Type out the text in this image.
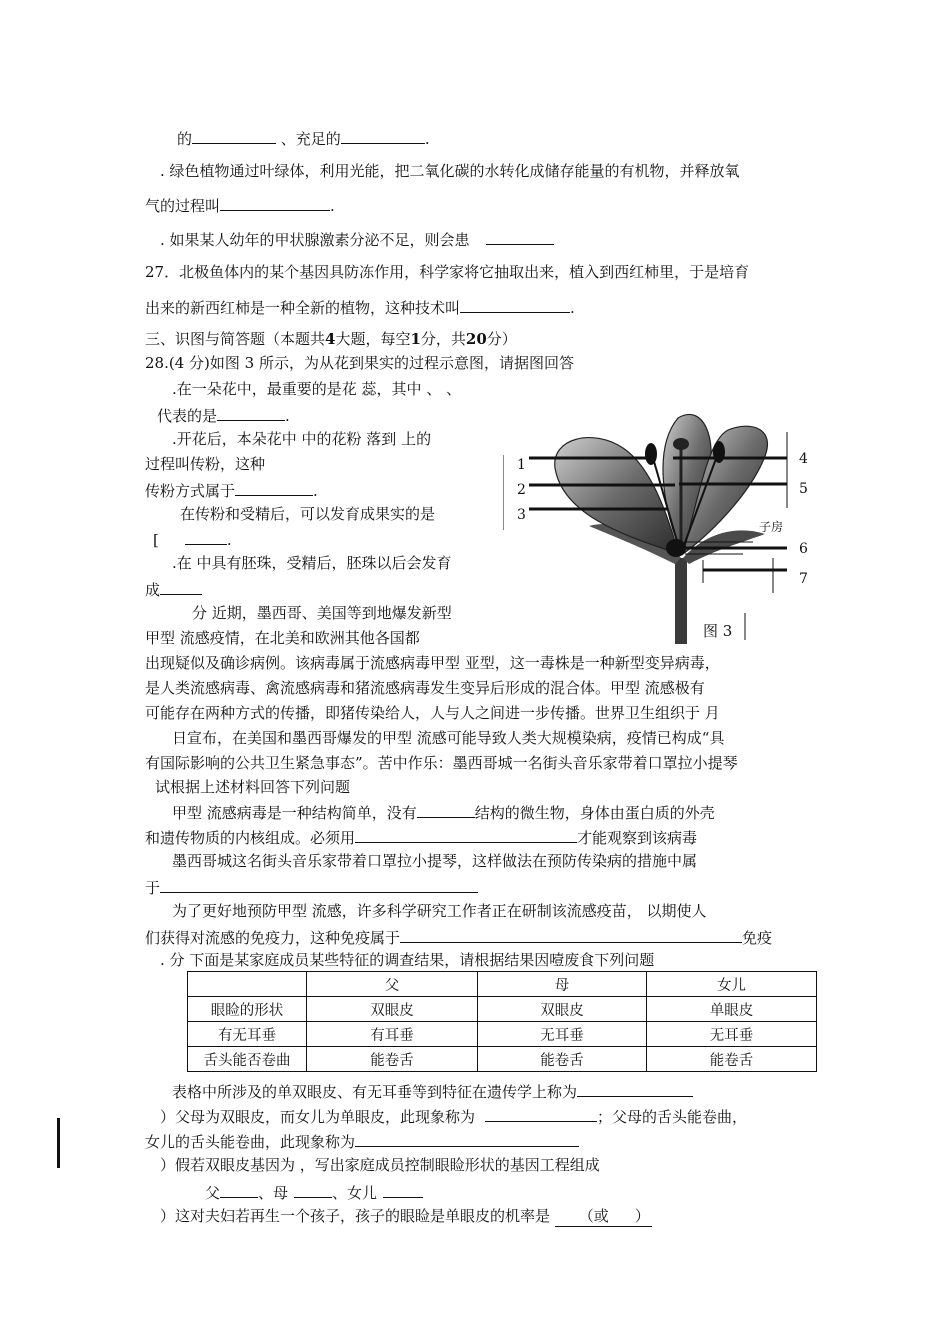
的	、充足的	.
. 绿色植物通过叶绿体，利用光能，把二氧化碳的水转化成储存能量的有机物，并释放氧
气的过程叫	.
. 如果某人幼年的甲状腺激素分泌不足，则会患
27．北极鱼体内的某个基因具防冻作用，科学家将它抽取出来，植入到西红柿里，于是培育
出来的新西红柿是一种全新的植物，这种技术叫	.
三、识图与简答题（本题共4大题，每空1分，共20分）
28.(4 分)如图 3 所示，为从花到果实的过程示意图，请据图回答
.在一朵花中，最重要的是花 蕊，其中 、 、
代表的是	.
.开花后，本朵花中 中的花粉 落到 上的
过程叫传粉，这种
传粉方式属于	.
在传粉和受精后，可以发育成果实的是
[	.
.在 中具有胚珠，受精后，胚珠以后会发育
成
1
2
3
4
5
6
7
子房
图 3
分 近期，墨西哥、美国等到地爆发新型
甲型 流感疫情，在北美和欧洲其他各国都
出现疑似及确诊病例。该病毒属于流感病毒甲型 亚型，这一毒株是一种新型变异病毒，
是人类流感病毒、禽流感病毒和猪流感病毒发生变异后形成的混合体。甲型 流感极有
可能存在两种方式的传播，即猪传染给人，人与人之间进一步传播。世界卫生组织于 月
日宣布，在美国和墨西哥爆发的甲型 流感可能导致人类大规模染病，疫情已构成“具
有国际影响的公共卫生紧急事态”。苦中作乐：墨西哥城一名街头音乐家带着口罩拉小提琴
试根据上述材料回答下列问题
甲型 流感病毒是一种结构简单，没有	结构的微生物，身体由蛋白质的外壳
和遗传物质的内核组成。必须用	才能观察到该病毒
墨西哥城这名街头音乐家带着口罩拉小提琴，这样做法在预防传染病的措施中属
于
为了更好地预防甲型 流感，许多科学研究工作者正在研制该流感疫苗， 以期使人
们获得对流感的免疫力，这种免疫属于	免疫
. 分 下面是某家庭成员某些特征的调查结果，请根据结果因噎废食下列问题
	父	母	女儿
眼睑的形状	双眼皮	双眼皮	单眼皮
有无耳垂	有耳垂	无耳垂	无耳垂
舌头能否卷曲	能卷舌	能卷舌	能卷舌
表格中所涉及的单双眼皮、有无耳垂等到特征在遗传学上称为
）父母为双眼皮，而女儿为单眼皮，此现象称为	；父母的舌头能卷曲，
女儿的舌头能卷曲，此现象称为
）假若双眼皮基因为 ，写出家庭成员控制眼睑形状的基因工程组成
父	、母	、女儿
）这对夫妇若再生一个孩子，孩子的眼睑是单眼皮的机率是 （或 ）
